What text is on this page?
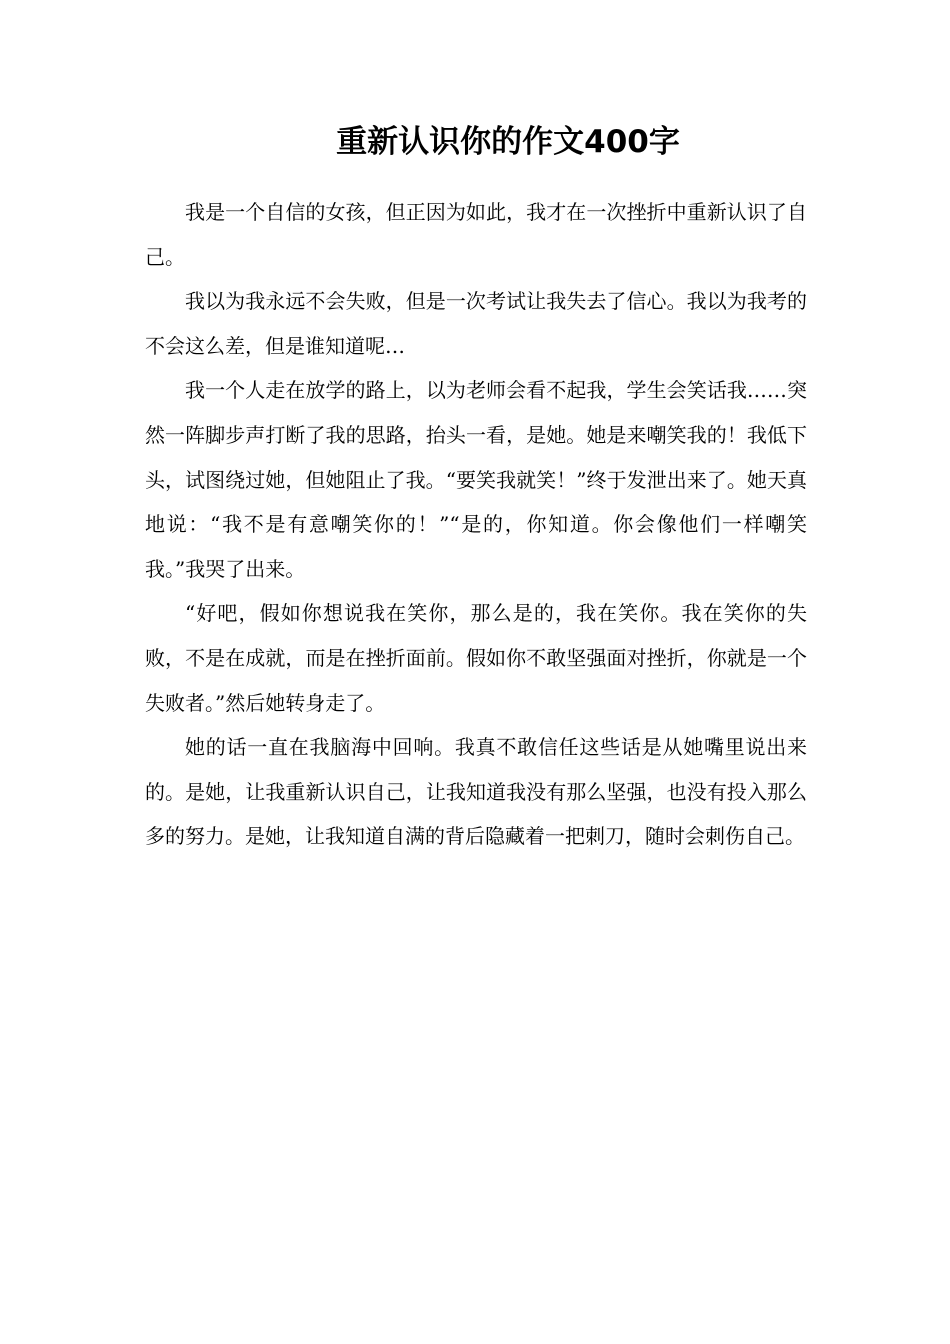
重新认识你的作文400字

我是一个自信的女孩，但正因为如此，我才在一次挫折中重新认识了自己。

我以为我永远不会失败，但是一次考试让我失去了信心。我以为我考的不会这么差，但是谁知道呢…

我一个人走在放学的路上，以为老师会看不起我，学生会笑话我……突然一阵脚步声打断了我的思路，抬头一看，是她。她是来嘲笑我的！我低下头，试图绕过她，但她阻止了我。“要笑我就笑！”终于发泄出来了。她天真地说：“我不是有意嘲笑你的！”“是的，你知道。你会像他们一样嘲笑我。”我哭了出来。

“好吧，假如你想说我在笑你，那么是的，我在笑你。我在笑你的失败，不是在成就，而是在挫折面前。假如你不敢坚强面对挫折，你就是一个失败者。”然后她转身走了。

她的话一直在我脑海中回响。我真不敢信任这些话是从她嘴里说出来的。是她，让我重新认识自己，让我知道我没有那么坚强，也没有投入那么多的努力。是她，让我知道自满的背后隐藏着一把刺刀，随时会刺伤自己。
